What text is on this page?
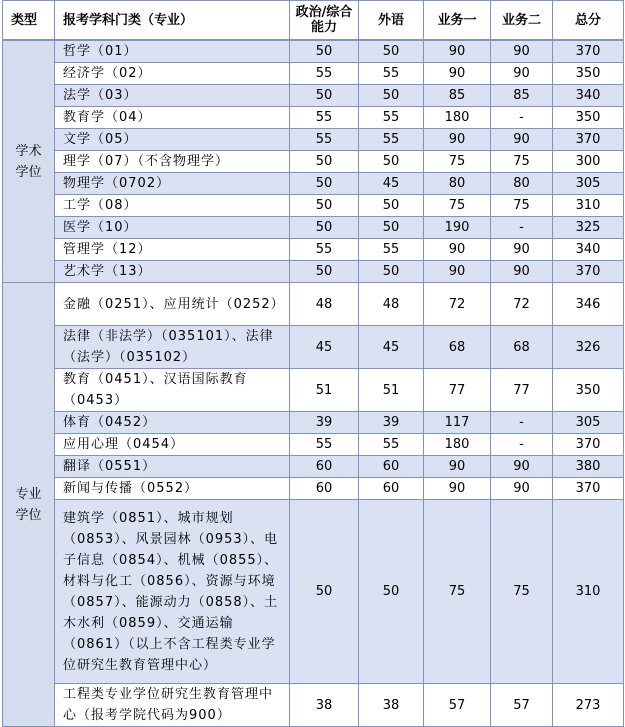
类型	报考学科门类（专业）	政治/综合能力	外语	业务一	业务二	总分
学术学位	哲学（01）	50	50	90	90	370
	经济学（02）	55	55	90	90	350
	法学（03）	50	50	85	85	340
	教育学（04）	55	55	180	-	350
	文学（05）	55	55	90	90	370
	理学（07）（不含物理学）	50	50	75	75	300
	物理学（0702）	50	45	80	80	305
	工学（08）	50	50	75	75	310
	医学（10）	50	50	190	-	325
	管理学（12）	55	55	90	90	340
	艺术学（13）	50	50	90	90	370
专业学位	金融（0251）、应用统计（0252）	48	48	72	72	346
	法律（非法学）（035101）、法律（法学）（035102）	45	45	68	68	326
	教育（0451）、汉语国际教育（0453）	51	51	77	77	350
	体育（0452）	39	39	117	-	305
	应用心理（0454）	55	55	180	-	370
	翻译（0551）	60	60	90	90	380
	新闻与传播（0552）	60	60	90	90	370
	建筑学（0851）、城市规划（0853）、风景园林（0953）、电子信息（0854）、机械（0855）、材料与化工（0856）、资源与环境（0857）、能源动力（0858）、土木水利（0859）、交通运输（0861）（以上不含工程类专业学位研究生教育管理中心）	50	50	75	75	310
	工程类专业学位研究生教育管理中心（报考学院代码为900）	38	38	57	57	273
